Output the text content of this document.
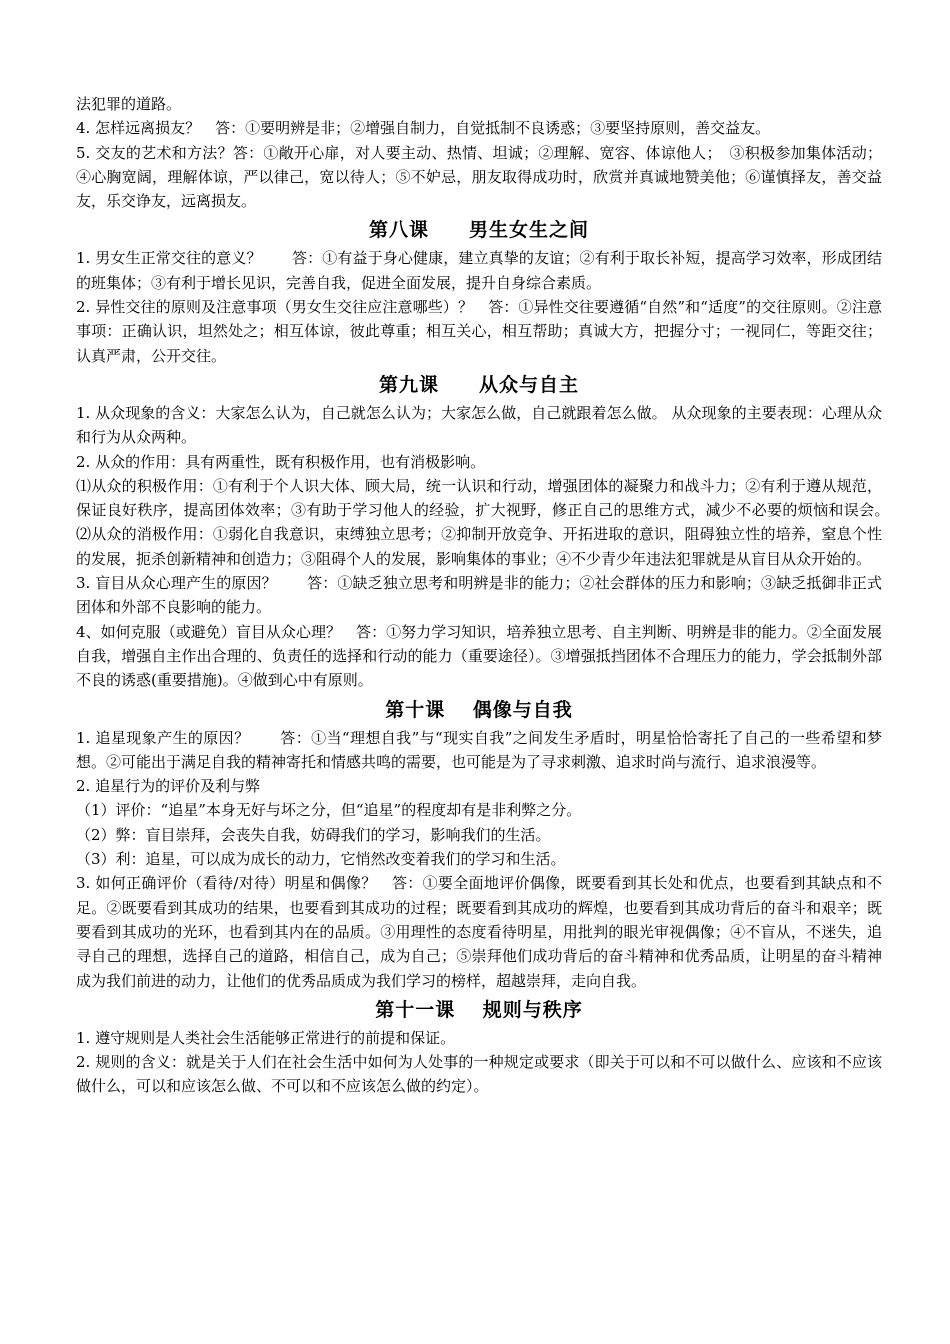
法犯罪的道路。

4. 怎样远离损友？　答：①要明辨是非；②增强自制力，自觉抵制不良诱惑；③要坚持原则，善交益友。

5. 交友的艺术和方法？答：①敞开心扉，对人要主动、热情、坦诚；②理解、宽容、体谅他人；　③积极参加集体活动；④心胸宽阔，理解体谅，严以律己，宽以待人；⑤不妒忌，朋友取得成功时，欣赏并真诚地赞美他；⑥谨慎择友，善交益友，乐交诤友，远离损友。

第八课　　男生女生之间

1. 男女生正常交往的意义？　　答：①有益于身心健康，建立真挚的友谊；②有利于取长补短，提高学习效率，形成团结的班集体；③有利于增长见识，完善自我，促进全面发展，提升自身综合素质。

2. 异性交往的原则及注意事项（男女生交往应注意哪些）？　答：①异性交往要遵循“自然”和“适度”的交往原则。②注意事项：正确认识，坦然处之；相互体谅，彼此尊重；相互关心，相互帮助；真诚大方，把握分寸；一视同仁，等距交往；认真严肃，公开交往。

第九课　　从众与自主

1. 从众现象的含义：大家怎么认为，自己就怎么认为；大家怎么做，自己就跟着怎么做。 从众现象的主要表现：心理从众和行为从众两种。

2. 从众的作用：具有两重性，既有积极作用，也有消极影响。

⑴从众的积极作用：①有利于个人识大体、顾大局，统一认识和行动，增强团体的凝聚力和战斗力；②有利于遵从规范，保证良好秩序，提高团体效率；③有助于学习他人的经验，扩大视野，修正自己的思维方式，减少不必要的烦恼和误会。　⑵从众的消极作用：①弱化自我意识，束缚独立思考；②抑制开放竞争、开拓进取的意识，阻碍独立性的培养，窒息个性的发展，扼杀创新精神和创造力；③阻碍个人的发展，影响集体的事业；④不少青少年违法犯罪就是从盲目从众开始的。

3. 盲目从众心理产生的原因？　　答：①缺乏独立思考和明辨是非的能力；②社会群体的压力和影响；③缺乏抵御非正式团体和外部不良影响的能力。

4、如何克服（或避免）盲目从众心理？　答：①努力学习知识，培养独立思考、自主判断、明辨是非的能力。②全面发展自我，增强自主作出合理的、负责任的选择和行动的能力（重要途径）。③增强抵挡团体不合理压力的能力，学会抵制外部不良的诱惑(重要措施)。④做到心中有原则。

第十课　 偶像与自我

1. 追星现象产生的原因？　　答：①当“理想自我”与“现实自我”之间发生矛盾时，明星恰恰寄托了自己的一些希望和梦想。②可能出于满足自我的精神寄托和情感共鸣的需要，也可能是为了寻求刺激、追求时尚与流行、追求浪漫等。

2. 追星行为的评价及利与弊

（1）评价：“追星”本身无好与坏之分，但“追星”的程度却有是非利弊之分。

（2）弊：盲目崇拜，会丧失自我，妨碍我们的学习，影响我们的生活。

（3）利：追星，可以成为成长的动力，它悄然改变着我们的学习和生活。

3. 如何正确评价（看待/对待）明星和偶像？　答：①要全面地评价偶像，既要看到其长处和优点，也要看到其缺点和不足。②既要看到其成功的结果，也要看到其成功的过程；既要看到其成功的辉煌，也要看到其成功背后的奋斗和艰辛；既要看到其成功的光环，也看到其内在的品质。③用理性的态度看待明星，用批判的眼光审视偶像；④不盲从，不迷失，追寻自己的理想，选择自己的道路，相信自己，成为自己；⑤崇拜他们成功背后的奋斗精神和优秀品质，让明星的奋斗精神成为我们前进的动力，让他们的优秀品质成为我们学习的榜样，超越崇拜，走向自我。

第十一课　 规则与秩序

1. 遵守规则是人类社会生活能够正常进行的前提和保证。

2. 规则的含义：就是关于人们在社会生活中如何为人处事的一种规定或要求（即关于可以和不可以做什么、应该和不应该做什么，可以和应该怎么做、不可以和不应该怎么做的约定）。
